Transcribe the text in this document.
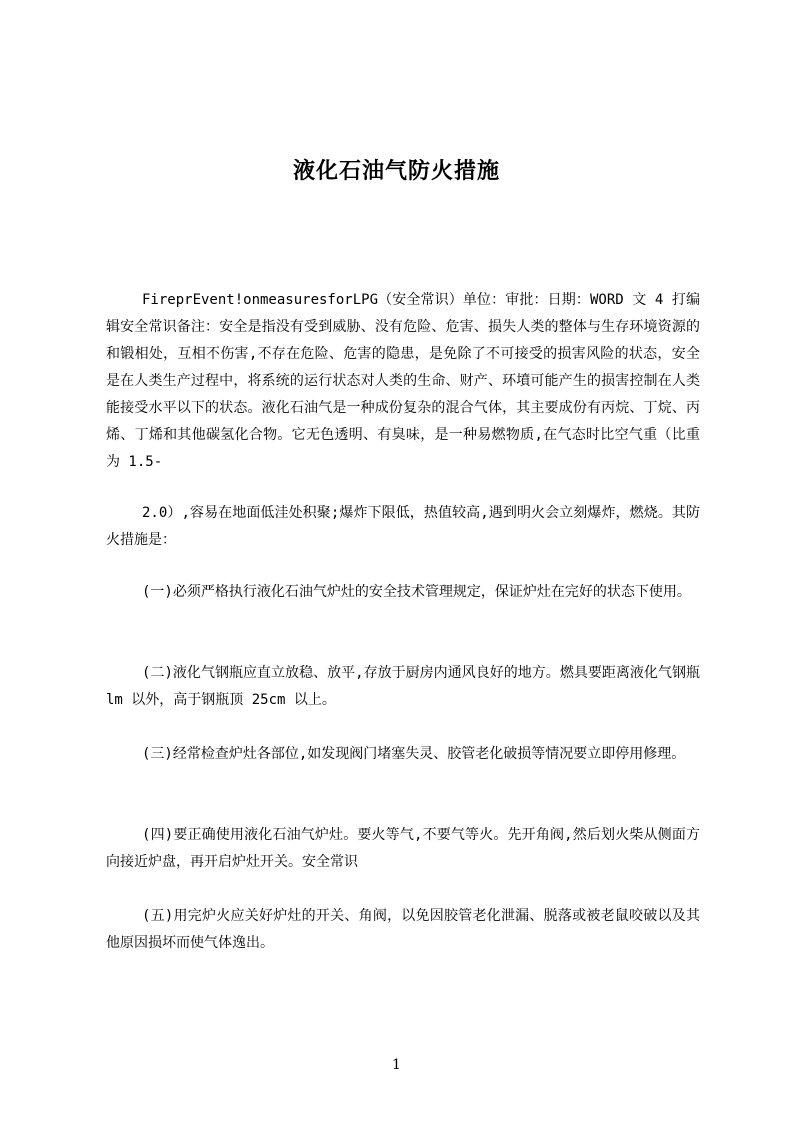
液化石油气防火措施

FireprEvent!onmeasuresforLPG（安全常识）单位：审批：日期：WORD 文 4 打编辑安全常识备注：安全是指没有受到威胁、没有危险、危害、损失人类的整体与生存环境资源的和锻相处，互相不伤害,不存在危险、危害的隐患，是免除了不可接受的损害风险的状态，安全是在人类生产过程中，将系统的运行状态对人类的生命、财产、环墳可能产生的损害控制在人类能接受水平以下的状态。液化石油气是一种成份复杂的混合气体，其主要成份有丙烷、丁烷、丙烯、丁烯和其他碳氢化合物。它无色透明、有臭味，是一种易燃物质,在气态时比空气重（比重为 1.5-

2.0）,容易在地面低洼处积聚;爆炸下限低，热值较高,遇到明火会立刻爆炸，燃烧。其防火措施是：

(一)必须严格执行液化石油气炉灶的安全技术管理规定，保证炉灶在完好的状态下使用。

(二)液化气钢瓶应直立放稳、放平,存放于厨房内通风良好的地方。燃具要距离液化气钢瓶 lm 以外，高于钢瓶顶 25cm 以上。

(三)经常检查炉灶各部位,如发现阀门堵塞失灵、胶管老化破损等情况要立即停用修理。

(四)要正确使用液化石油气炉灶。要火等气,不要气等火。先开角阀,然后划火柴从侧面方向接近炉盘，再开启炉灶开关。安全常识

(五)用完炉火应关好炉灶的开关、角阀，以免因胶管老化泄漏、脱落或被老鼠咬破以及其他原因损坏而使气体逸出。

1
